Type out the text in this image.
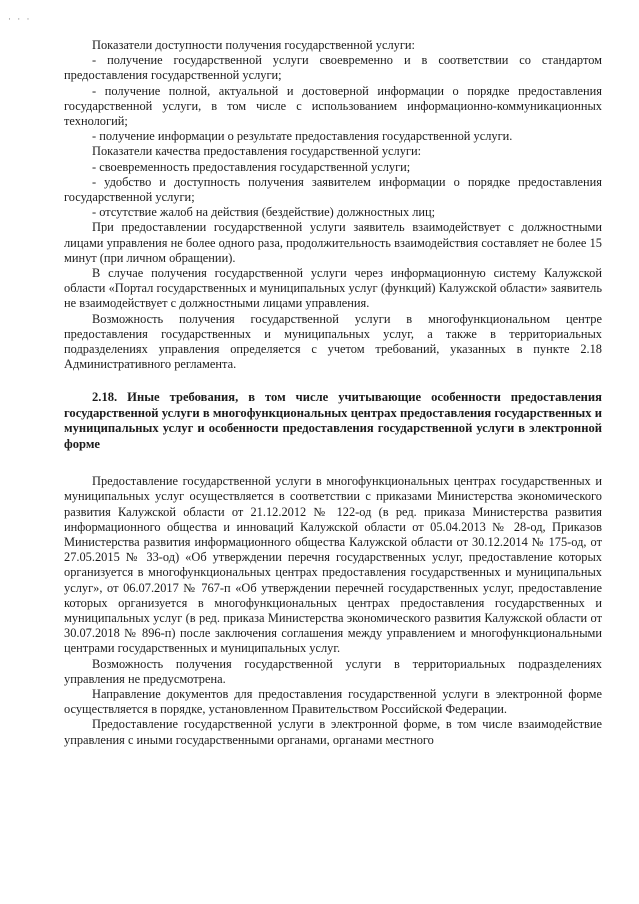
· · ·

Показатели доступности получения государственной услуги:

- получение государственной услуги своевременно и в соответствии со стандартом предоставления государственной услуги;

- получение полной, актуальной и достоверной информации о порядке предоставления государственной услуги, в том числе с использованием информационно-коммуникационных технологий;

- получение информации о результате предоставления государственной услуги.

Показатели качества предоставления государственной услуги:

- своевременность предоставления государственной услуги;

- удобство и доступность получения заявителем информации о порядке предоставления государственной услуги;

- отсутствие жалоб на действия (бездействие) должностных лиц;

При предоставлении государственной услуги заявитель взаимодействует с должностными лицами управления не более одного раза, продолжительность взаимодействия составляет не более 15 минут (при личном обращении).

В случае получения государственной услуги через информационную систему Калужской области «Портал государственных и муниципальных услуг (функций) Калужской области» заявитель не взаимодействует с должностными лицами управления.

Возможность получения государственной услуги в многофункциональном центре предоставления государственных и муниципальных услуг, а также в территориальных подразделениях управления определяется с учетом требований, указанных в пункте 2.18 Административного регламента.

2.18. Иные требования, в том числе учитывающие особенности предоставления государственной услуги в многофункциональных центрах предоставления государственных и муниципальных услуг и особенности предоставления государственной услуги в электронной форме

Предоставление государственной услуги в многофункциональных центрах государственных и муниципальных услуг осуществляется в соответствии с приказами Министерства экономического развития Калужской области от 21.12.2012 № 122-од (в ред. приказа Министерства развития информационного общества и инноваций Калужской области от 05.04.2013 № 28-од, Приказов Министерства развития информационного общества Калужской области от 30.12.2014 № 175-од, от 27.05.2015 № 33-од) «Об утверждении перечня государственных услуг, предоставление которых организуется в многофункциональных центрах предоставления государственных и муниципальных услуг», от 06.07.2017 № 767-п «Об утверждении перечней государственных услуг, предоставление которых организуется в многофункциональных центрах предоставления государственных и муниципальных услуг (в ред. приказа Министерства экономического развития Калужской области от 30.07.2018 № 896-п) после заключения соглашения между управлением и многофункциональными центрами государственных и муниципальных услуг.

Возможность получения государственной услуги в территориальных подразделениях управления не предусмотрена.

Направление документов для предоставления государственной услуги в электронной форме осуществляется в порядке, установленном Правительством Российской Федерации.

Предоставление государственной услуги в электронной форме, в том числе взаимодействие управления с иными государственными органами, органами местного
